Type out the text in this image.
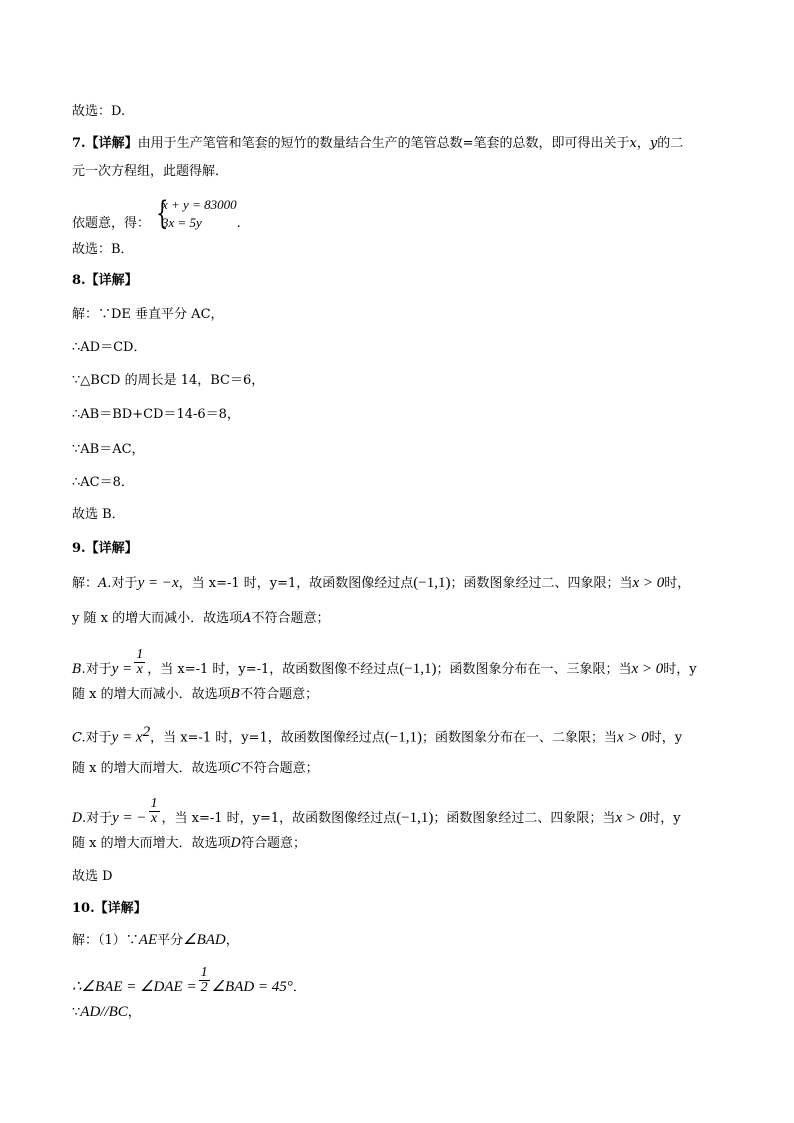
故选：D.
7.【详解】由用于生产笔管和笔套的短竹的数量结合生产的笔管总数=笔套的总数，即可得出关于x，y的二
元一次方程组，此题得解．
依题意，得： {
x + y = 83000
3x = 5y	.
故选：B．
8.【详解】
解：∵DE 垂直平分 AC，
∴AD＝CD．
∵△BCD 的周长是 14，BC＝6，
∴AB＝BD+CD＝14-6＝8，
∵AB＝AC，
∴AC＝8．
故选 B．
9.【详解】
解：A.对于y = −x，当 x=-1 时，y=1，故函数图像经过点(−1,1)；函数图象经过二、四象限；当x > 0时，
y 随 x 的增大而减小．故选项A不符合题意；
B.对于$y = \frac{1}{x}$ ，当 x=-1 时，y=-1，故函数图像不经过点(−1,1)；函数图象分布在一、三象限；当x > 0时，y
随 x 的增大而减小．故选项B不符合题意；
C.对于$y = x^2$，当 x=-1 时，y=1，故函数图像经过点(−1,1)；函数图象分布在一、二象限；当x > 0时，y
随 x 的增大而增大．故选项C不符合题意；
D.对于y = − $\frac{1}{x}$ ，当 x=-1 时，y=1，故函数图像经过点(−1,1)；函数图象经过二、四象限；当x > 0时，y
随 x 的增大而增大．故选项D符合题意；
故选 D
10.【详解】
解：（1）∵AE平分∠BAD，
∴∠BAE = ∠DAE = $\frac{1}{2}$ ∠BAD = 45°．
∵AD//BC，
